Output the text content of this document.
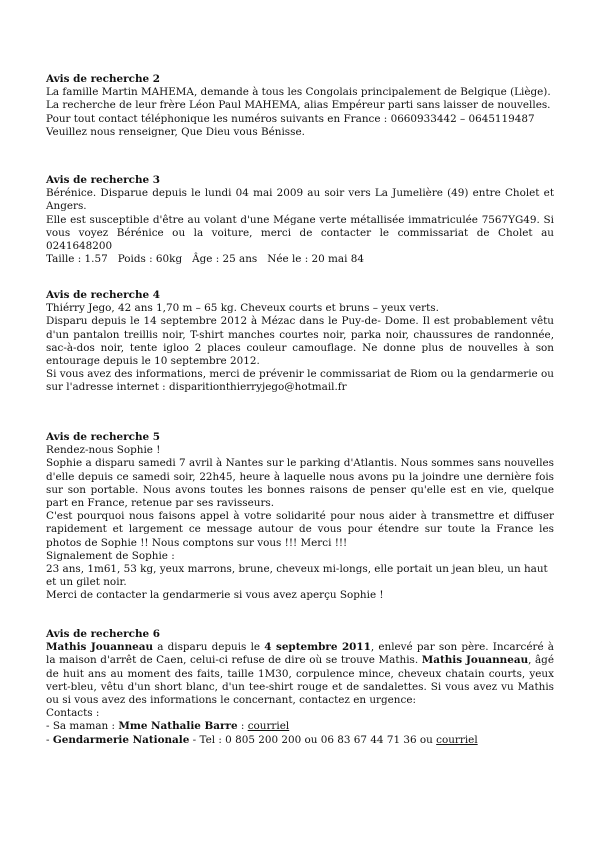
Avis de recherche 2

La famille Martin MAHEMA, demande à tous les Congolais principalement de Belgique (Liège).

La recherche de leur frère Léon Paul MAHEMA, alias Empéreur parti sans laisser de nouvelles.

Pour tout contact téléphonique les numéros suivants en France : 0660933442 – 0645119487

Veuillez nous renseigner, Que Dieu vous Bénisse.

Avis de recherche 3

Bérénice. Disparue depuis le lundi 04 mai 2009 au soir vers La Jumelière (49) entre Cholet et Angers.

Elle est susceptible d'être au volant d'une Mégane verte métallisée immatriculée 7567YG49. Si vous voyez Bérénice ou la voiture, merci de contacter le commissariat de Cholet au 0241648200

Taille : 1.57 Poids : 60kg Âge : 25 ans Née le : 20 mai 84

Avis de recherche 4

Thiérry Jego, 42 ans 1,70 m – 65 kg. Cheveux courts et bruns – yeux verts.

Disparu depuis le 14 septembre 2012 à Mézac dans le Puy-de- Dome. Il est probablement vêtu d'un pantalon treillis noir, T-shirt manches courtes noir, parka noir, chaussures de randonnée, sac-à-dos noir, tente igloo 2 places couleur camouflage. Ne donne plus de nouvelles à son entourage depuis le 10 septembre 2012.

Si vous avez des informations, merci de prévenir le commissariat de Riom ou la gendarmerie ou sur l'adresse internet : disparitionthierryjego@hotmail.fr

Avis de recherche 5

Rendez-nous Sophie !

Sophie a disparu samedi 7 avril à Nantes sur le parking d'Atlantis. Nous sommes sans nouvelles d'elle depuis ce samedi soir, 22h45, heure à laquelle nous avons pu la joindre une dernière fois sur son portable. Nous avons toutes les bonnes raisons de penser qu'elle est en vie, quelque part en France, retenue par ses ravisseurs.

C'est pourquoi nous faisons appel à votre solidarité pour nous aider à transmettre et diffuser rapidement et largement ce message autour de vous pour étendre sur toute la France les photos de Sophie !! Nous comptons sur vous !!! Merci !!!

Signalement de Sophie :

23 ans, 1m61, 53 kg, yeux marrons, brune, cheveux mi-longs, elle portait un jean bleu, un haut et un gilet noir.

Merci de contacter la gendarmerie si vous avez aperçu Sophie !

Avis de recherche 6

Mathis Jouanneau a disparu depuis le 4 septembre 2011, enlevé par son père. Incarcéré à la maison d'arrêt de Caen, celui-ci refuse de dire où se trouve Mathis. Mathis Jouanneau, âgé de huit ans au moment des faits, taille 1M30, corpulence mince, cheveux chatain courts, yeux vert-bleu, vêtu d'un short blanc, d'un tee-shirt rouge et de sandalettes. Si vous avez vu Mathis ou si vous avez des informations le concernant, contactez en urgence:

Contacts :

- Sa maman : Mme Nathalie Barre : courriel

- Gendarmerie Nationale - Tel : 0 805 200 200 ou 06 83 67 44 71 36 ou courriel
